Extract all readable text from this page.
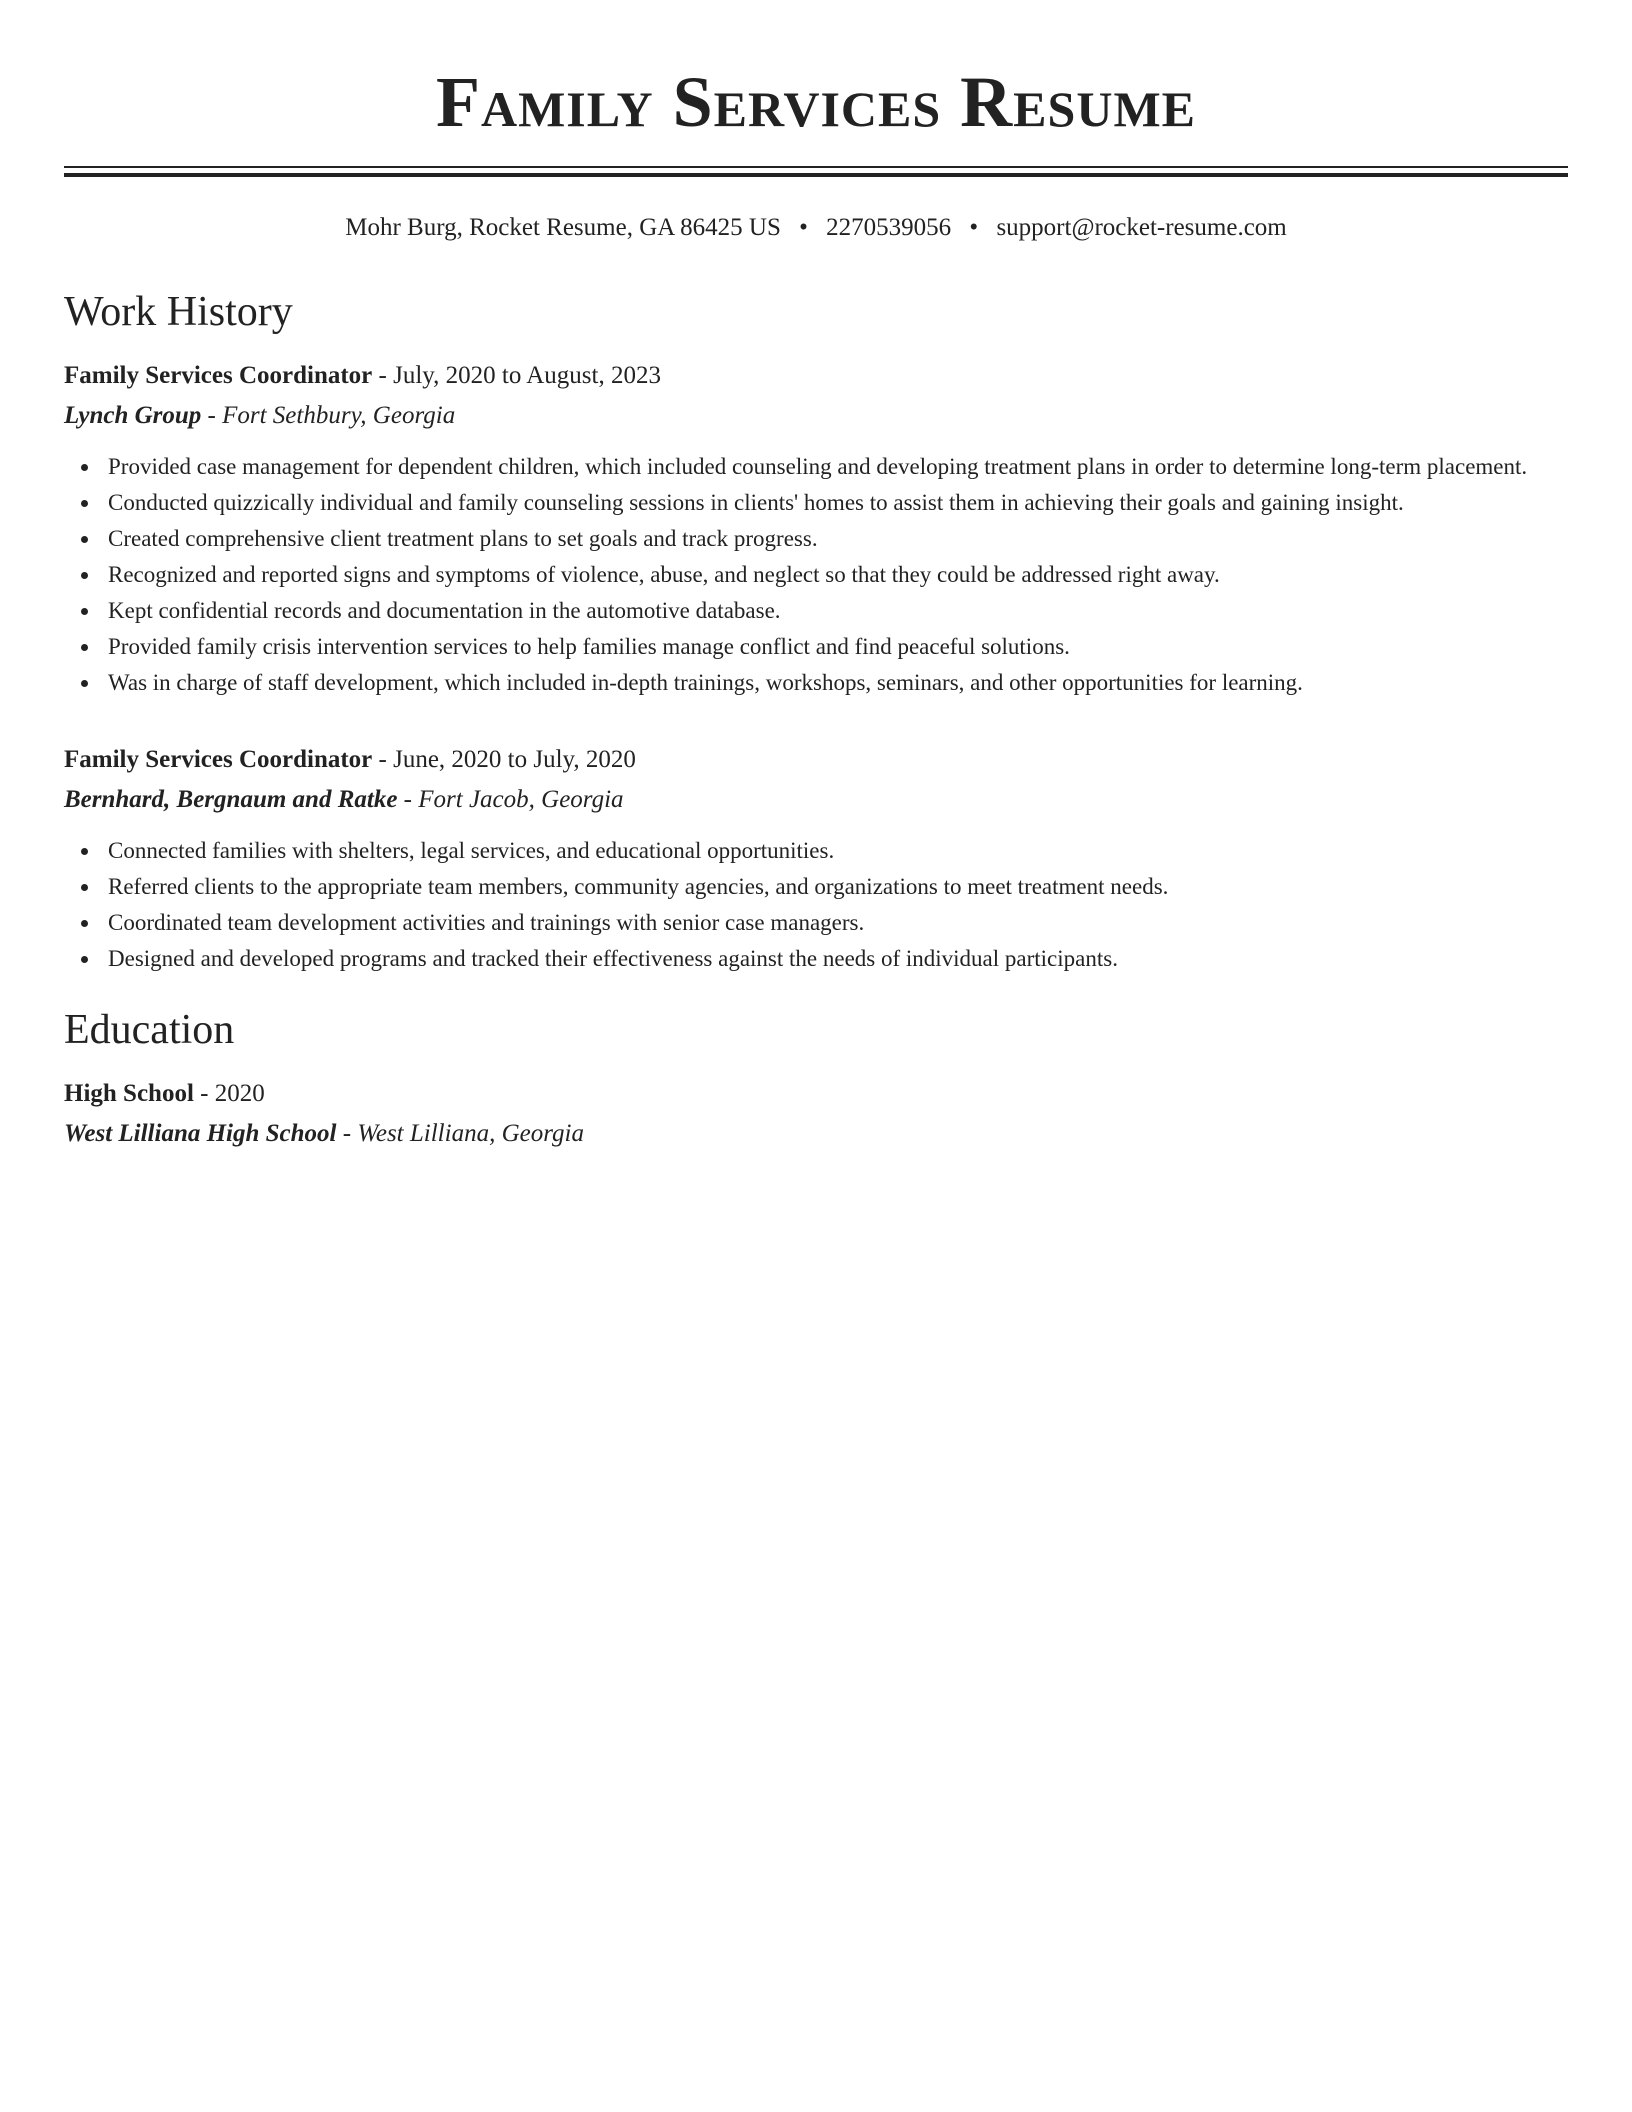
Family Services Resume
Mohr Burg, Rocket Resume, GA 86425 US • 2270539056 • support@rocket-resume.com
Work History
Family Services Coordinator - July, 2020 to August, 2023
Lynch Group - Fort Sethbury, Georgia
Provided case management for dependent children, which included counseling and developing treatment plans in order to determine long-term placement.
Conducted quizzically individual and family counseling sessions in clients' homes to assist them in achieving their goals and gaining insight.
Created comprehensive client treatment plans to set goals and track progress.
Recognized and reported signs and symptoms of violence, abuse, and neglect so that they could be addressed right away.
Kept confidential records and documentation in the automotive database.
Provided family crisis intervention services to help families manage conflict and find peaceful solutions.
Was in charge of staff development, which included in-depth trainings, workshops, seminars, and other opportunities for learning.
Family Services Coordinator - June, 2020 to July, 2020
Bernhard, Bergnaum and Ratke - Fort Jacob, Georgia
Connected families with shelters, legal services, and educational opportunities.
Referred clients to the appropriate team members, community agencies, and organizations to meet treatment needs.
Coordinated team development activities and trainings with senior case managers.
Designed and developed programs and tracked their effectiveness against the needs of individual participants.
Education
High School - 2020
West Lilliana High School - West Lilliana, Georgia
